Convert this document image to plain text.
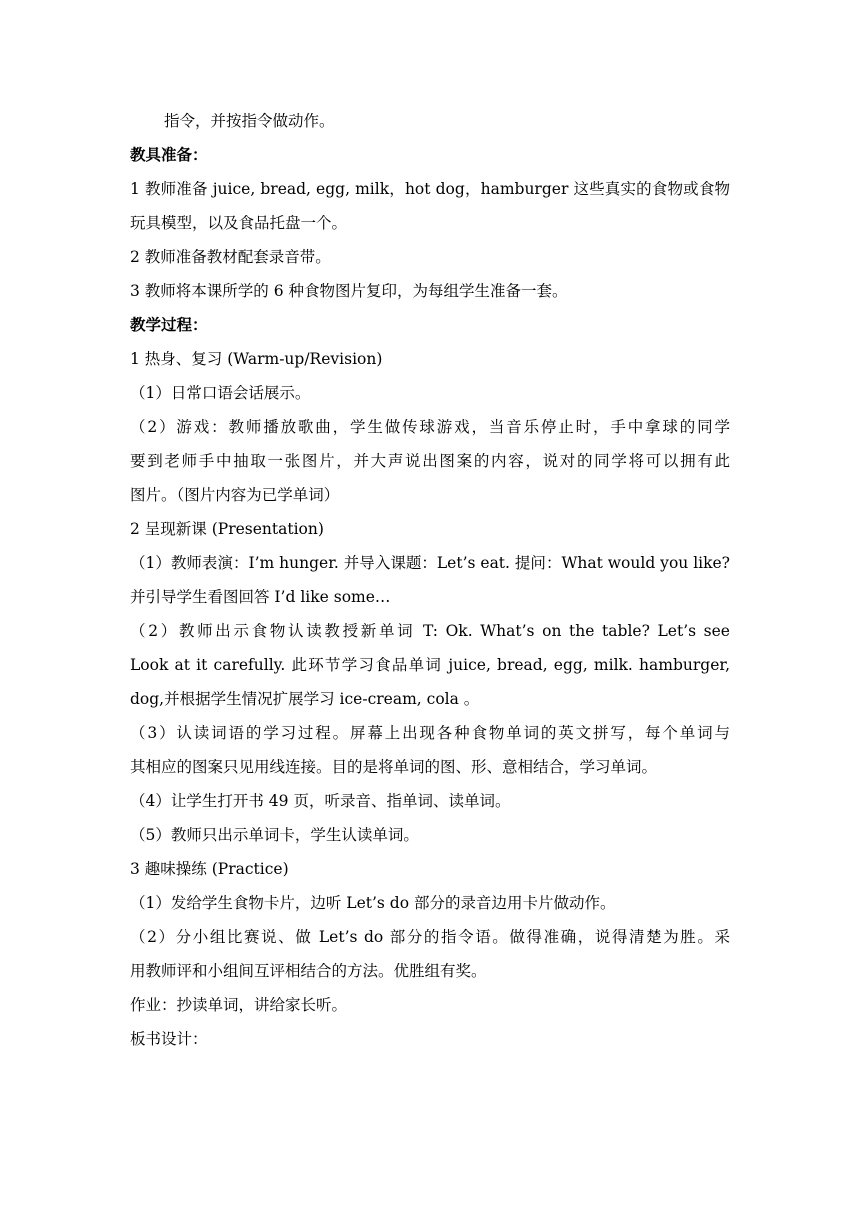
指令，并按指令做动作。

教具准备：

1 教师准备 juice, bread, egg, milk，hot dog，hamburger 这些真实的食物或食物

玩具模型，以及食品托盘一个。

2 教师准备教材配套录音带。

3 教师将本课所学的 6 种食物图片复印，为每组学生准备一套。

教学过程：

1 热身、复习 (Warm-up/Revision)

（1）日常口语会话展示。

（2）游戏：教师播放歌曲，学生做传球游戏，当音乐停止时，手中拿球的同学

要到老师手中抽取一张图片，并大声说出图案的内容，说对的同学将可以拥有此

图片。（图片内容为已学单词）

2 呈现新课 (Presentation)

（1）教师表演：I’m hunger. 并导入课题：Let’s eat. 提问：What would you like?

并引导学生看图回答 I’d like some…

（2）教师出示食物认读教授新单词 T: Ok. What’s on the table? Let’s see

Look at it carefully. 此环节学习食品单词 juice, bread, egg, milk. hamburger,

dog,并根据学生情况扩展学习 ice-cream, cola 。

（3）认读词语的学习过程。屏幕上出现各种食物单词的英文拼写，每个单词与

其相应的图案只见用线连接。目的是将单词的图、形、意相结合，学习单词。

（4）让学生打开书 49 页，听录音、指单词、读单词。

（5）教师只出示单词卡，学生认读单词。

3 趣味操练 (Practice)

（1）发给学生食物卡片，边听 Let’s do 部分的录音边用卡片做动作。

（2）分小组比赛说、做 Let’s do 部分的指令语。做得准确，说得清楚为胜。采

用教师评和小组间互评相结合的方法。优胜组有奖。

作业：抄读单词，讲给家长听。

板书设计：
